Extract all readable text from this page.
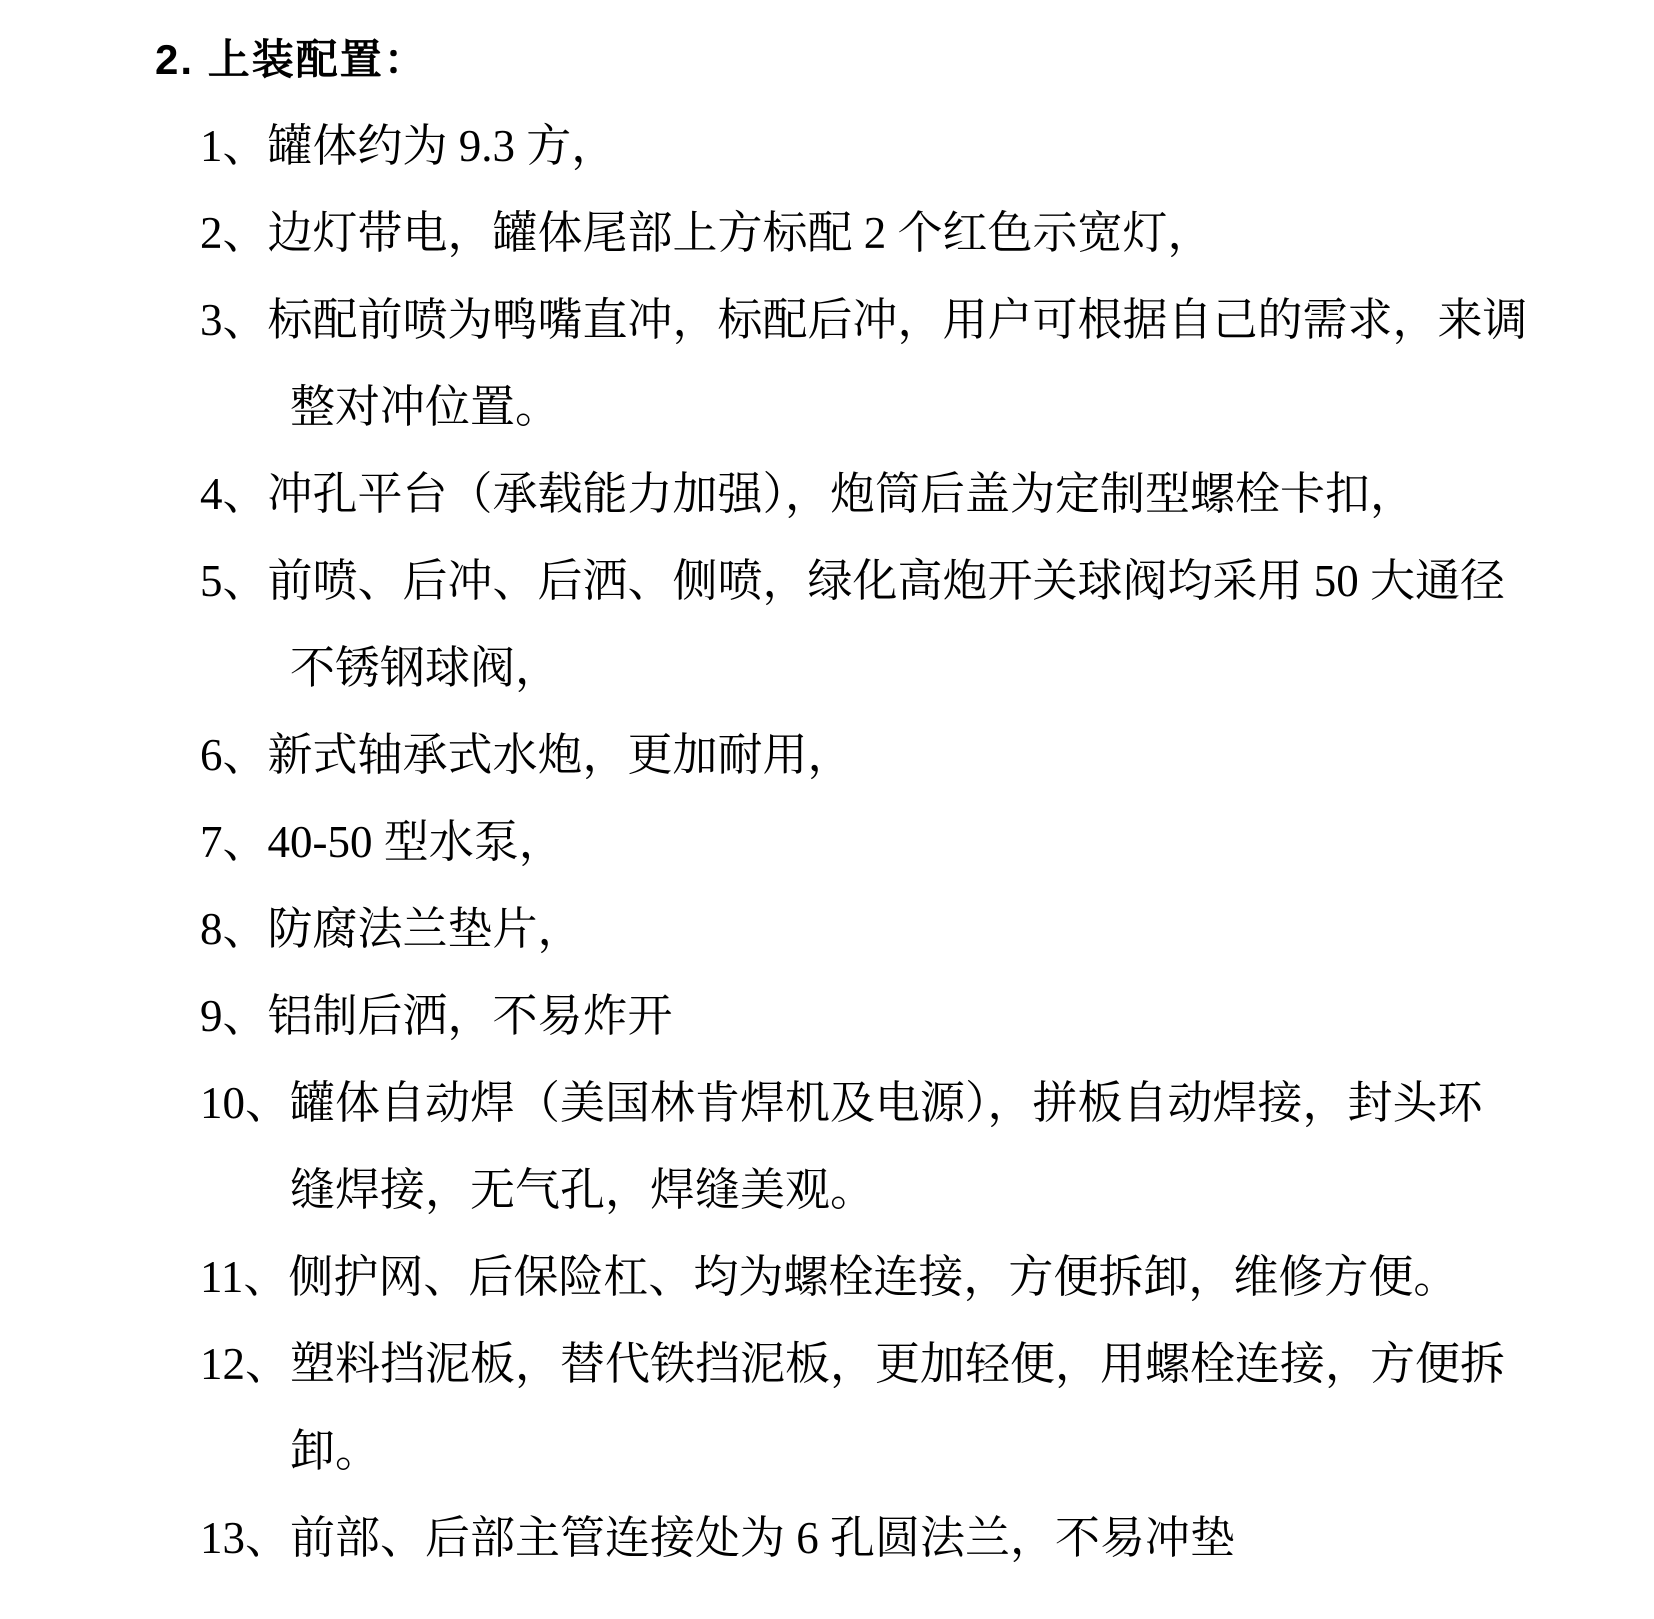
2. 上装配置：
1、罐体约为 9.3 方，
2、边灯带电，罐体尾部上方标配 2 个红色示宽灯，
3、标配前喷为鸭嘴直冲，标配后冲，用户可根据自己的需求，来调
整对冲位置。
4、冲孔平台（承载能力加强），炮筒后盖为定制型螺栓卡扣，
5、前喷、后冲、后洒、侧喷，绿化高炮开关球阀均采用 50 大通径
不锈钢球阀，
6、新式轴承式水炮，更加耐用，
7、40-50 型水泵，
8、防腐法兰垫片，
9、铝制后洒，不易炸开
10、罐体自动焊（美国林肯焊机及电源），拼板自动焊接，封头环
缝焊接，无气孔，焊缝美观。
11、侧护网、后保险杠、均为螺栓连接，方便拆卸，维修方便。
12、塑料挡泥板，替代铁挡泥板，更加轻便，用螺栓连接，方便拆
卸。
13、前部、后部主管连接处为 6 孔圆法兰，不易冲垫
